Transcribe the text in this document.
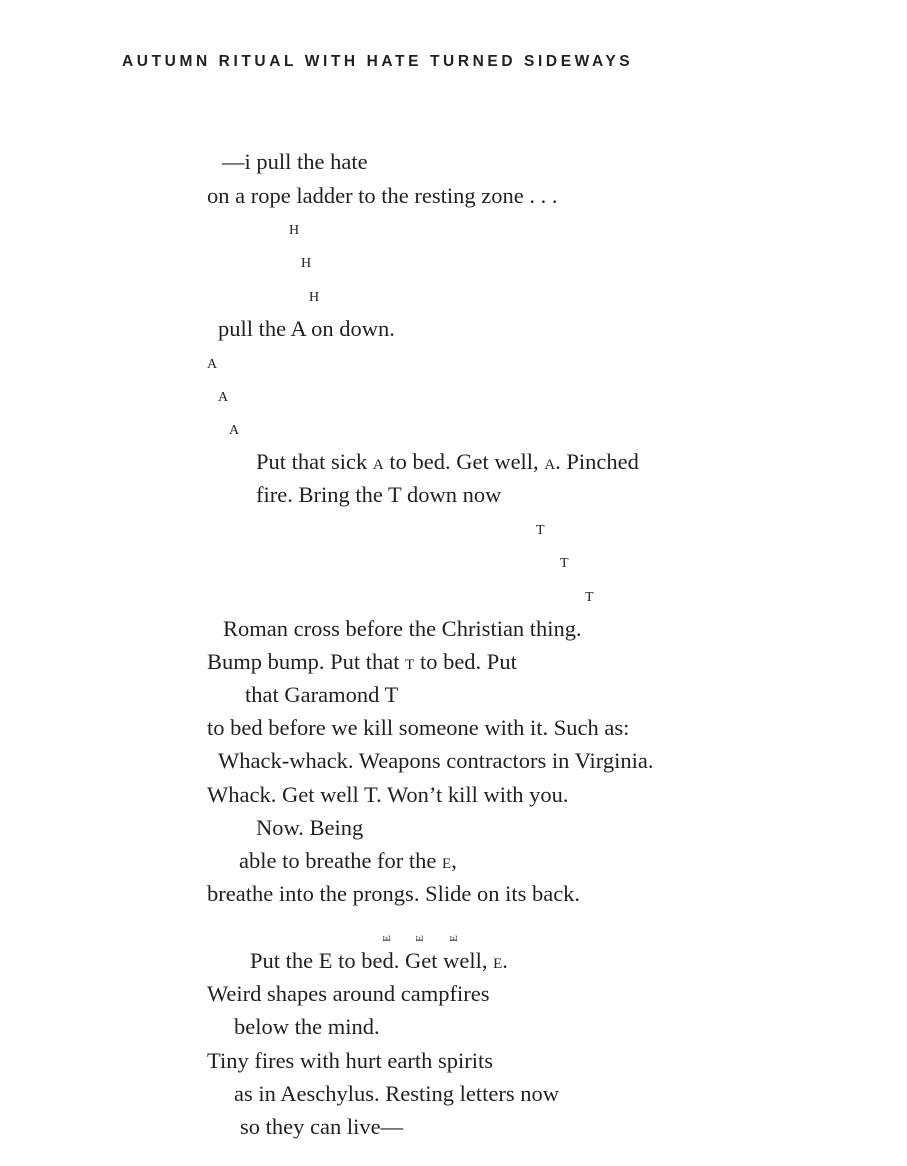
AUTUMN RITUAL WITH HATE TURNED SIDEWAYS
—i pull the hate
on a rope ladder to the resting zone . . .
H
H
H
pull the A on down.
A
A
A
Put that sick A to bed. Get well, A. Pinched
fire. Bring the T down now
T
T
T
Roman cross before the Christian thing.
Bump bump. Put that T to bed. Put
that Garamond T
to bed before we kill someone with it. Such as:
Whack-whack. Weapons contractors in Virginia.
Whack. Get well T. Won’t kill with you.
Now. Being
able to breathe for the E,
breathe into the prongs. Slide on its back.
E E E
Put the E to bed. Get well, E.
Weird shapes around campfires
below the mind.
Tiny fires with hurt earth spirits
as in Aeschylus. Resting letters now
so they can live—
